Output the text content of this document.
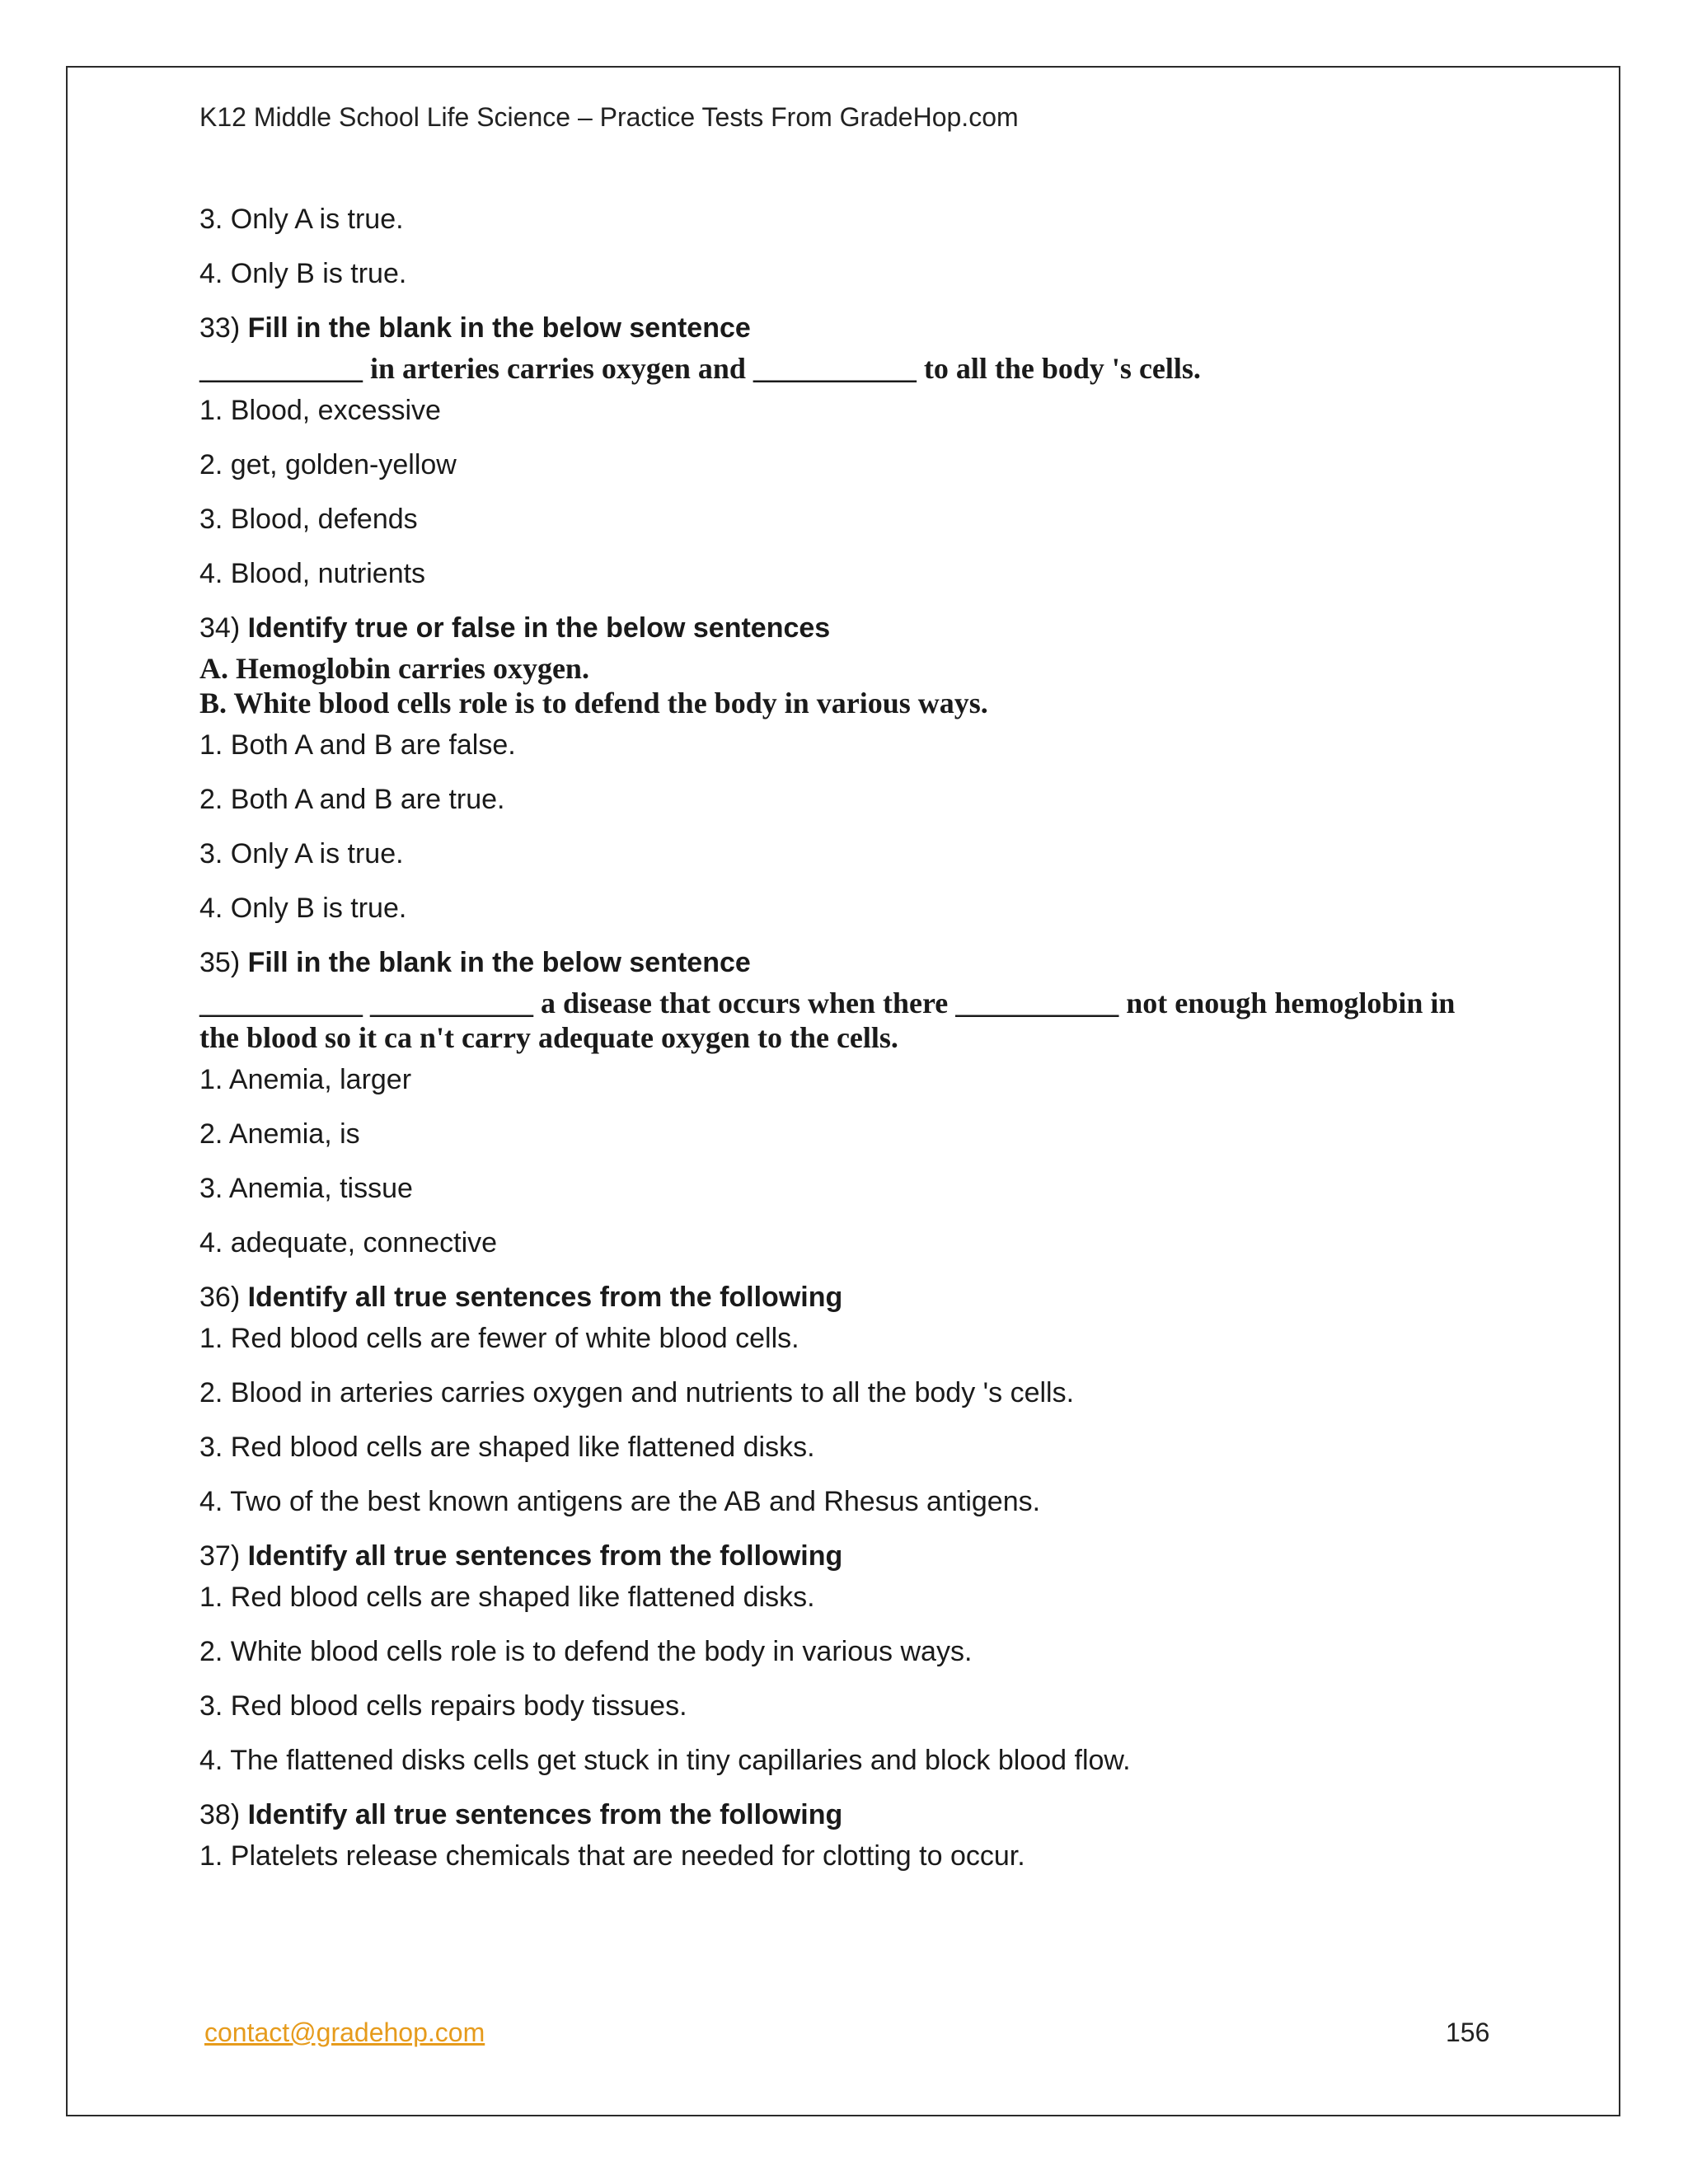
K12 Middle School Life Science – Practice Tests From GradeHop.com
3. Only A is true.
4. Only B is true.
33) Fill in the blank in the below sentence
___________ in arteries carries oxygen and ___________ to all the body 's cells.
1. Blood, excessive
2. get, golden-yellow
3. Blood, defends
4. Blood, nutrients
34) Identify true or false in the below sentences
A. Hemoglobin carries oxygen.
B. White blood cells role is to defend the body in various ways.
1. Both A and B are false.
2. Both A and B are true.
3. Only A is true.
4. Only B is true.
35) Fill in the blank in the below sentence
___________ ___________ a disease that occurs when there ___________ not enough hemoglobin in the blood so it ca n't carry adequate oxygen to the cells.
1. Anemia, larger
2. Anemia, is
3. Anemia, tissue
4. adequate, connective
36) Identify all true sentences from the following
1. Red blood cells are fewer of white blood cells.
2. Blood in arteries carries oxygen and nutrients to all the body 's cells.
3. Red blood cells are shaped like flattened disks.
4. Two of the best known antigens are the AB and Rhesus antigens.
37) Identify all true sentences from the following
1. Red blood cells are shaped like flattened disks.
2. White blood cells role is to defend the body in various ways.
3. Red blood cells repairs body tissues.
4. The flattened disks cells get stuck in tiny capillaries and block blood flow.
38) Identify all true sentences from the following
1. Platelets release chemicals that are needed for clotting to occur.
contact@gradehop.com	156
